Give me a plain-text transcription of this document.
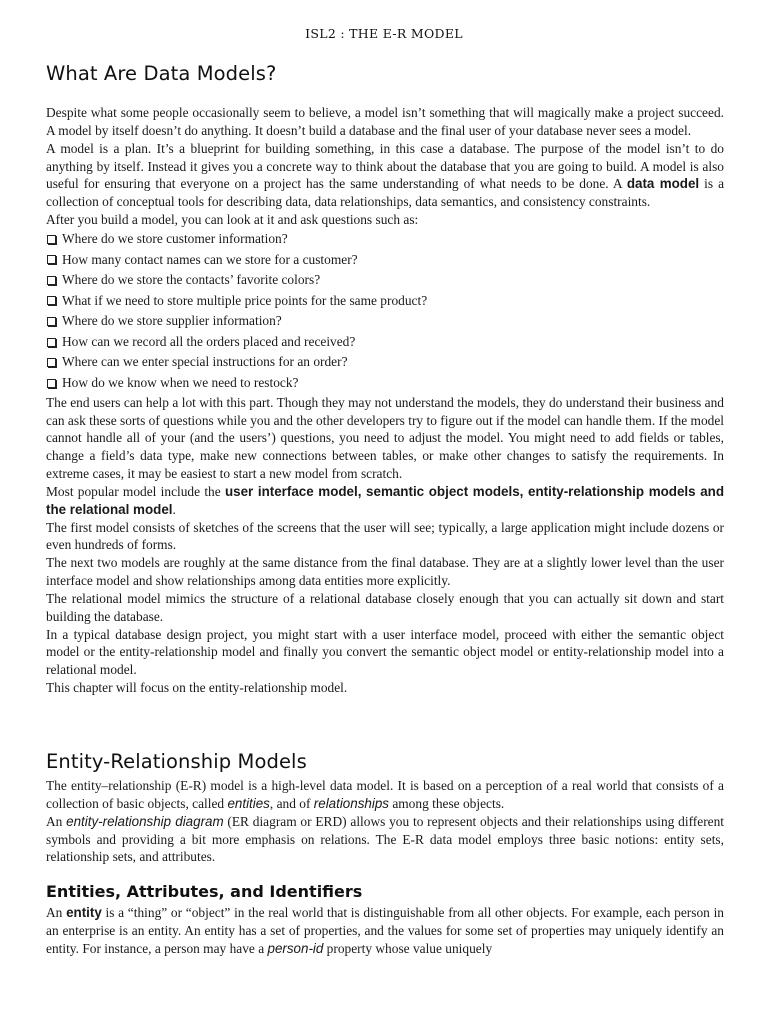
ISL2 : THE E-R MODEL
What Are Data Models?

Despite what some people occasionally seem to believe, a model isn’t something that will magically make a project succeed. A model by itself doesn’t do anything. It doesn’t build a database and the final user of your database never sees a model.

A model is a plan. It’s a blueprint for building something, in this case a database. The purpose of the model isn’t to do anything by itself. Instead it gives you a concrete way to think about the database that you are going to build. A model is also useful for ensuring that everyone on a project has the same understanding of what needs to be done. A data model is a collection of conceptual tools for describing data, data relationships, data semantics, and consistency constraints.

After you build a model, you can look at it and ask questions such as:

Where do we store customer information?
How many contact names can we store for a customer?
Where do we store the contacts’ favorite colors?
What if we need to store multiple price points for the same product?
Where do we store supplier information?
How can we record all the orders placed and received?
Where can we enter special instructions for an order?
How do we know when we need to restock?

The end users can help a lot with this part. Though they may not understand the models, they do understand their business and can ask these sorts of questions while you and the other developers try to figure out if the model can handle them. If the model cannot handle all of your (and the users’) questions, you need to adjust the model. You might need to add fields or tables, change a field’s data type, make new connections between tables, or make other changes to satisfy the requirements. In extreme cases, it may be easiest to start a new model from scratch.

Most popular model include the user interface model, semantic object models, entity-relationship models and the relational model.

The first model consists of sketches of the screens that the user will see; typically, a large application might include dozens or even hundreds of forms.

The next two models are roughly at the same distance from the final database. They are at a slightly lower level than the user interface model and show relationships among data entities more explicitly.

The relational model mimics the structure of a relational database closely enough that you can actually sit down and start building the database.

In a typical database design project, you might start with a user interface model, proceed with either the semantic object model or the entity-relationship model and finally you convert the semantic object model or entity-relationship model into a relational model.

This chapter will focus on the entity-relationship model.

Entity-Relationship Models

The entity–relationship (E-R) model is a high-level data model. It is based on a perception of a real world that consists of a collection of basic objects, called entities, and of relationships among these objects.

An entity-relationship diagram (ER diagram or ERD) allows you to represent objects and their relationships using different symbols and providing a bit more emphasis on relations. The E-R data model employs three basic notions: entity sets, relationship sets, and attributes.

Entities, Attributes, and Identifiers

An entity is a “thing” or “object” in the real world that is distinguishable from all other objects. For example, each person in an enterprise is an entity. An entity has a set of properties, and the values for some set of properties may uniquely identify an entity. For instance, a person may have a person-id property whose value uniquely
